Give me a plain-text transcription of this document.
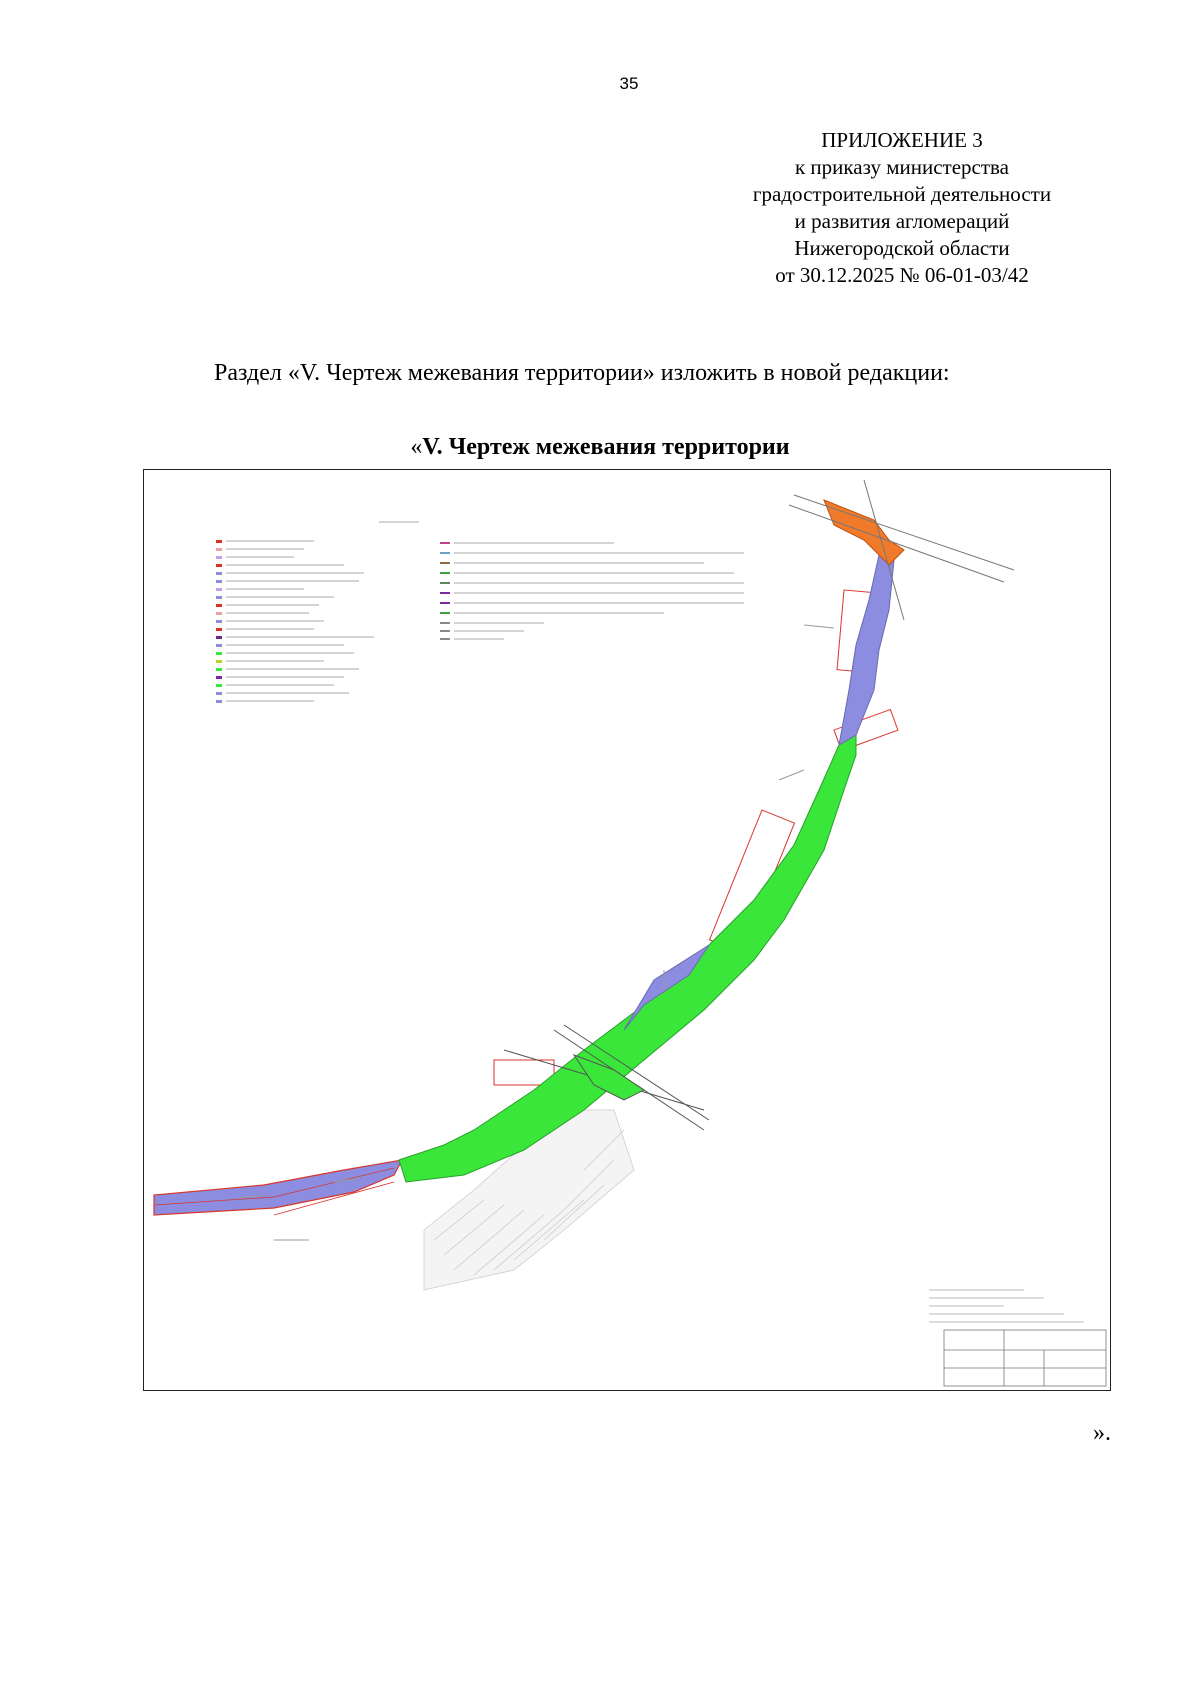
35
ПРИЛОЖЕНИЕ 3
к приказу министерства
градостроительной деятельности
и развития агломераций
Нижегородской области
от 30.12.2025 № 06-01-03/42
Раздел «V. Чертеж межевания территории» изложить в новой редакции:
«V. Чертеж межевания территории
».
